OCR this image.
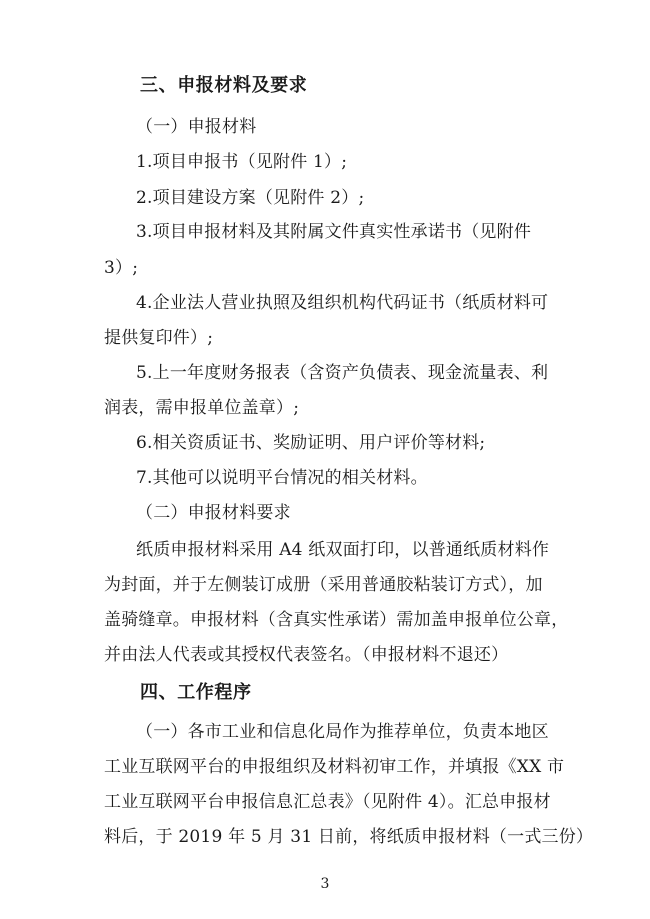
三、申报材料及要求
（一）申报材料
1.项目申报书（见附件 1）;
2.项目建设方案（见附件 2）;
3.项目申报材料及其附属文件真实性承诺书（见附件
3）;
4.企业法人营业执照及组织机构代码证书（纸质材料可
提供复印件）;
5.上一年度财务报表（含资产负债表、现金流量表、利
润表，需申报单位盖章）;
6.相关资质证书、奖励证明、用户评价等材料;
7.其他可以说明平台情况的相关材料。
（二）申报材料要求
纸质申报材料采用 A4 纸双面打印，以普通纸质材料作
为封面，并于左侧装订成册（采用普通胶粘装订方式），加
盖骑缝章。申报材料（含真实性承诺）需加盖申报单位公章，
并由法人代表或其授权代表签名。（申报材料不退还）
四、工作程序
（一）各市工业和信息化局作为推荐单位，负责本地区
工业互联网平台的申报组织及材料初审工作，并填报《XX 市
工业互联网平台申报信息汇总表》（见附件 4）。汇总申报材
料后，于 2019 年 5 月 31 日前，将纸质申报材料（一式三份）
3
